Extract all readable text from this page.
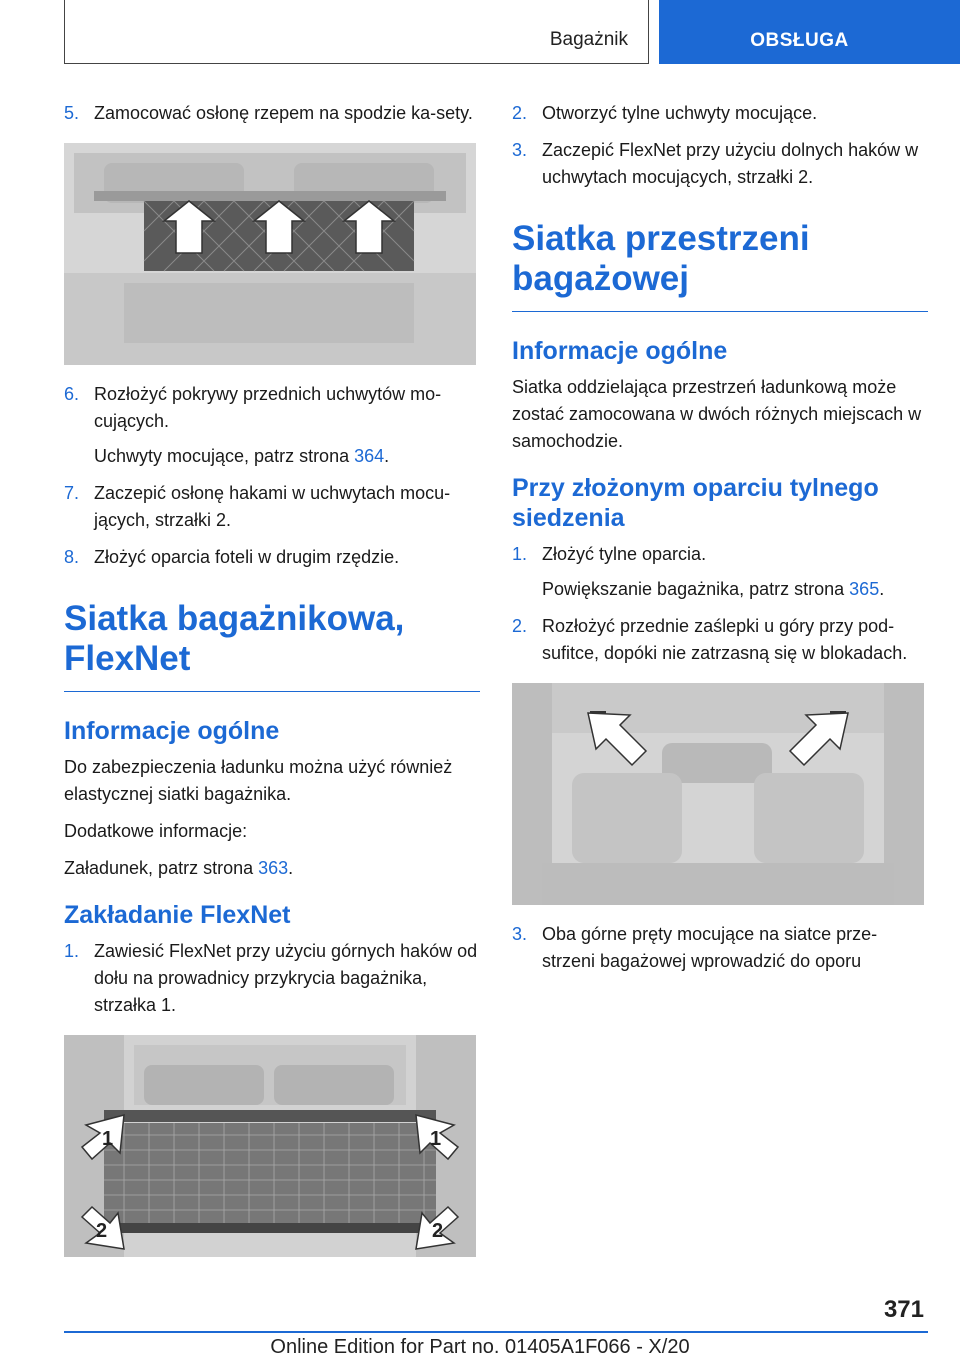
Bagażnik	OBSŁUGA
5. Zamocować osłonę rzepem na spodzie ka-sety.
6. Rozłożyć pokrywy przednich uchwytów mo-cujących.
Uchwyty mocujące, patrz strona 364.
7. Zaczepić osłonę hakami w uchwytach mocu-jących, strzałki 2.
8. Złożyć oparcia foteli w drugim rzędzie.
Siatka bagażnikowa, FlexNet
Informacje ogólne
Do zabezpieczenia ładunku można użyć również elastycznej siatki bagażnika.
Dodatkowe informacje:
Załadunek, patrz strona 363.
Zakładanie FlexNet
1. Zawiesić FlexNet przy użyciu górnych haków od dołu na prowadnicy przykrycia bagażnika, strzałka 1.
1	1
2	2
2. Otworzyć tylne uchwyty mocujące.
3. Zaczepić FlexNet przy użyciu dolnych haków w uchwytach mocujących, strzałki 2.
Siatka przestrzeni bagażowej
Informacje ogólne
Siatka oddzielająca przestrzeń ładunkową może zostać zamocowana w dwóch różnych miejscach w samochodzie.
Przy złożonym oparciu tylnego siedzenia
1. Złożyć tylne oparcia.
Powiększanie bagażnika, patrz strona 365.
2. Rozłożyć przednie zaślepki u góry przy pod-sufitce, dopóki nie zatrzasną się w blokadach.
3. Oba górne pręty mocujące na siatce prze-strzeni bagażowej wprowadzić do oporu
371
Online Edition for Part no. 01405A1F066 - X/20
